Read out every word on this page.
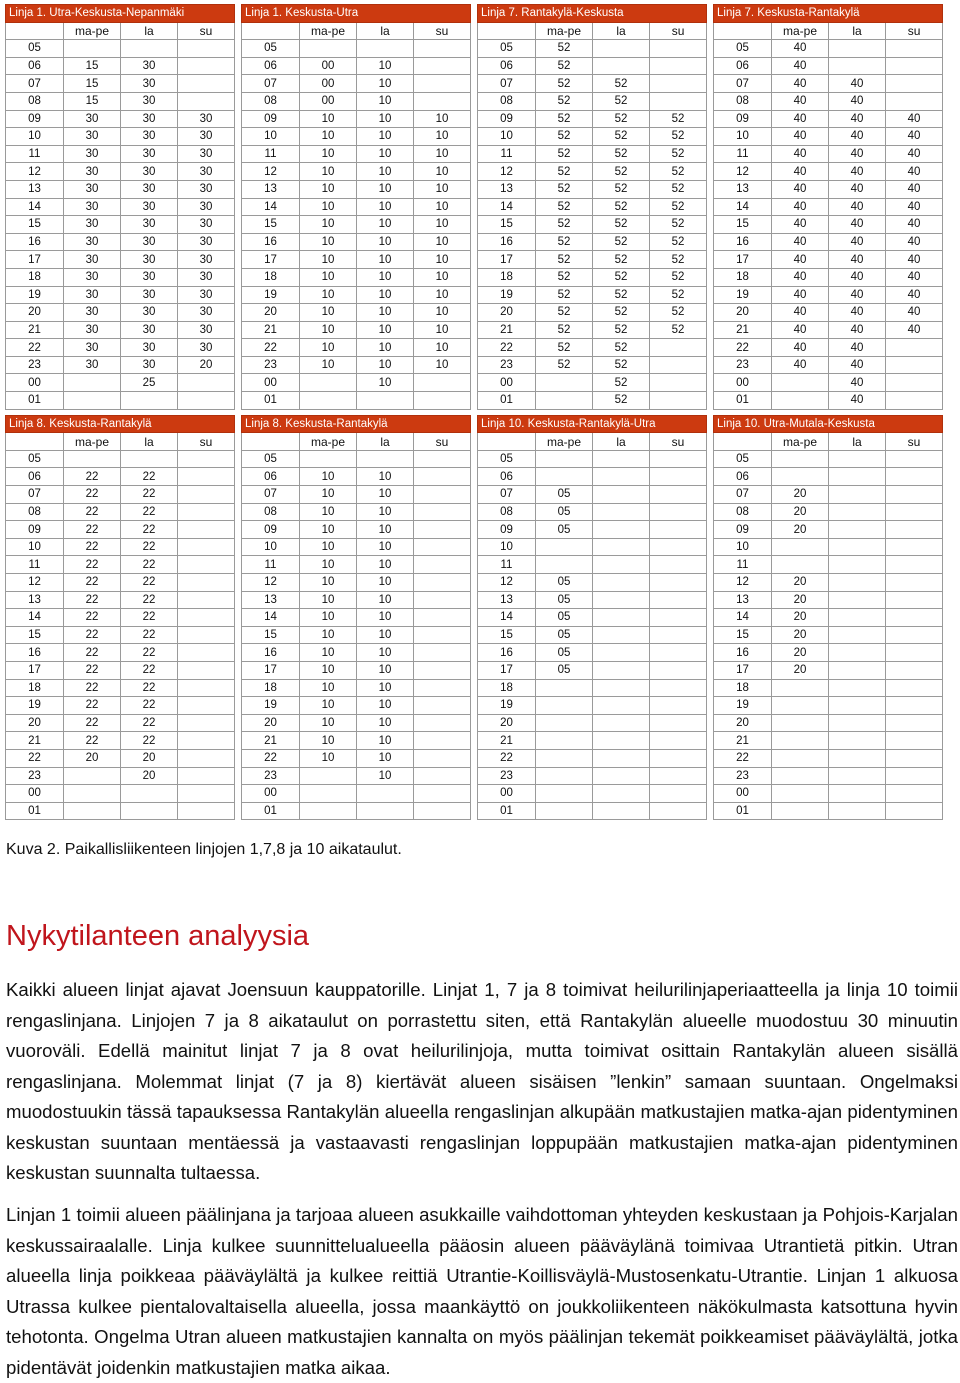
Linja 1. Utra-Keskusta-Nepanmäki			
	ma-pe	la	su
05			
06	15	30	
07	15	30	
08	15	30	
09	30	30	30
10	30	30	30
11	30	30	30
12	30	30	30
13	30	30	30
14	30	30	30
15	30	30	30
16	30	30	30
17	30	30	30
18	30	30	30
19	30	30	30
20	30	30	30
21	30	30	30
22	30	30	30
23	30	30	20
00		25	
01			
Linja 1. Keskusta-Utra			
	ma-pe	la	su
05			
06	00	10	
07	00	10	
08	00	10	
09	10	10	10
10	10	10	10
11	10	10	10
12	10	10	10
13	10	10	10
14	10	10	10
15	10	10	10
16	10	10	10
17	10	10	10
18	10	10	10
19	10	10	10
20	10	10	10
21	10	10	10
22	10	10	10
23	10	10	10
00		10	
01			
Linja 7. Rantakylä-Keskusta			
	ma-pe	la	su
05	52		
06	52		
07	52	52	
08	52	52	
09	52	52	52
10	52	52	52
11	52	52	52
12	52	52	52
13	52	52	52
14	52	52	52
15	52	52	52
16	52	52	52
17	52	52	52
18	52	52	52
19	52	52	52
20	52	52	52
21	52	52	52
22	52	52	
23	52	52	
00		52	
01		52	
Linja 7. Keskusta-Rantakylä			
	ma-pe	la	su
05	40		
06	40		
07	40	40	
08	40	40	
09	40	40	40
10	40	40	40
11	40	40	40
12	40	40	40
13	40	40	40
14	40	40	40
15	40	40	40
16	40	40	40
17	40	40	40
18	40	40	40
19	40	40	40
20	40	40	40
21	40	40	40
22	40	40	
23	40	40	
00		40	
01		40	
Linja 8. Keskusta-Rantakylä			
	ma-pe	la	su
05			
06	22	22	
07	22	22	
08	22	22	
09	22	22	
10	22	22	
11	22	22	
12	22	22	
13	22	22	
14	22	22	
15	22	22	
16	22	22	
17	22	22	
18	22	22	
19	22	22	
20	22	22	
21	22	22	
22	20	20	
23		20	
00			
01			
Linja 8. Keskusta-Rantakylä			
	ma-pe	la	su
05			
06	10	10	
07	10	10	
08	10	10	
09	10	10	
10	10	10	
11	10	10	
12	10	10	
13	10	10	
14	10	10	
15	10	10	
16	10	10	
17	10	10	
18	10	10	
19	10	10	
20	10	10	
21	10	10	
22	10	10	
23		10	
00			
01			
Linja 10. Keskusta-Rantakylä-Utra			
	ma-pe	la	su
05			
06			
07	05		
08	05		
09	05		
10			
11			
12	05		
13	05		
14	05		
15	05		
16	05		
17	05		
18			
19			
20			
21			
22			
23			
00			
01			
Linja 10. Utra-Mutala-Keskusta			
	ma-pe	la	su
05			
06			
07	20		
08	20		
09	20		
10			
11			
12	20		
13	20		
14	20		
15	20		
16	20		
17	20		
18			
19			
20			
21			
22			
23			
00			
01			
Kuva 2. Paikallisliikenteen linjojen 1,7,8 ja 10 aikataulut.
Nykytilanteen analyysia

Kaikki alueen linjat ajavat Joensuun kauppatorille. Linjat 1, 7 ja 8 toimivat heilurilinjaperiaatteella ja linja 10 toimii rengaslinjana. Linjojen 7 ja 8 aikataulut on porrastettu siten, että Rantakylän alueelle muodostuu 30 minuutin vuoroväli. Edellä mainitut linjat 7 ja 8 ovat heilurilinjoja, mutta toimivat osittain Rantakylän alueen sisällä rengaslinjana. Molemmat linjat (7 ja 8) kiertävät alueen sisäisen ”lenkin” samaan suuntaan. Ongelmaksi muodostuukin tässä tapauksessa Rantakylän alueella rengaslinjan alkupään matkustajien matka-ajan pidentyminen keskustan suuntaan mentäessä ja vastaavasti rengaslinjan loppupään matkustajien matka-ajan pidentyminen keskustan suunnalta tultaessa.

Linjan 1 toimii alueen päälinjana ja tarjoaa alueen asukkaille vaihdottoman yhteyden keskustaan ja Pohjois-Karjalan keskussairaalalle. Linja kulkee suunnittelualueella pääosin alueen pääväylänä toimivaa Utrantietä pitkin. Utran alueella linja poikkeaa pääväylältä ja kulkee reittiä Utrantie-Koillisväylä-Mustosenkatu-Utrantie. Linjan 1 alkuosa Utrassa kulkee pientalovaltaisella alueella, jossa maankäyttö on joukkoliikenteen näkökulmasta katsottuna hyvin tehotonta. Ongelma Utran alueen matkustajien kannalta on myös päälinjan tekemät poikkeamiset pääväylältä, jotka pidentävät joidenkin matkustajien matka aikaa.
